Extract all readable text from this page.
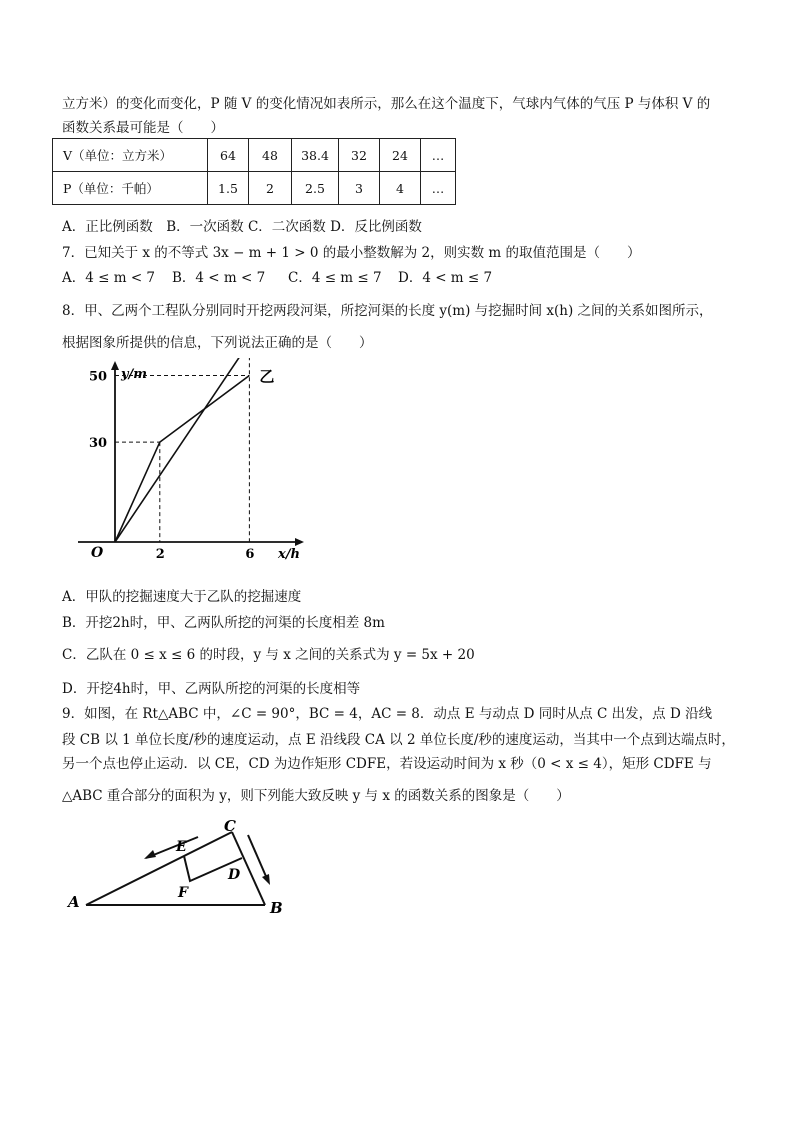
立方米）的变化而变化，P 随 V 的变化情况如表所示，那么在这个温度下，气球内气体的气压 P 与体积 V 的
函数关系最可能是（　　）
V（单位：立方米）	64	48	38.4	32	24	…
P（单位：千帕）	1.5	2	2.5	3	4	…
A．正比例函数　B．一次函数 C．二次函数 D．反比例函数
7．已知关于 x 的不等式 3x − m + 1 > 0 的最小整数解为 2，则实数 m 的取值范围是（　　）
A．4 ≤ m < 7 B．4 < m < 7 C．4 ≤ m ≤ 7 D．4 < m ≤ 7
8．甲、乙两个工程队分别同时开挖两段河渠，所挖河渠的长度 y(m) 与挖掘时间 x(h) 之间的关系如图所示，
根据图象所提供的信息，下列说法正确的是（　　）
y/m
x/h
O
30
50
2	6
乙
A．甲队的挖掘速度大于乙队的挖掘速度
B．开挖2h时，甲、乙两队所挖的河渠的长度相差 8m
C．乙队在 0 ≤ x ≤ 6 的时段，y 与 x 之间的关系式为 y = 5x + 20
D．开挖4h时，甲、乙两队所挖的河渠的长度相等
9．如图，在 Rt△ABC 中，∠C = 90°，BC = 4，AC = 8．动点 E 与动点 D 同时从点 C 出发，点 D 沿线
段 CB 以 1 单位长度/秒的速度运动，点 E 沿线段 CA 以 2 单位长度/秒的速度运动，当其中一个点到达端点时，
另一个点也停止运动．以 CE，CD 为边作矩形 CDFE，若设运动时间为 x 秒（0 < x ≤ 4），矩形 CDFE 与
△ABC 重合部分的面积为 y，则下列能大致反映 y 与 x 的函数关系的图象是（　　）
A	B
C
D
E
F
